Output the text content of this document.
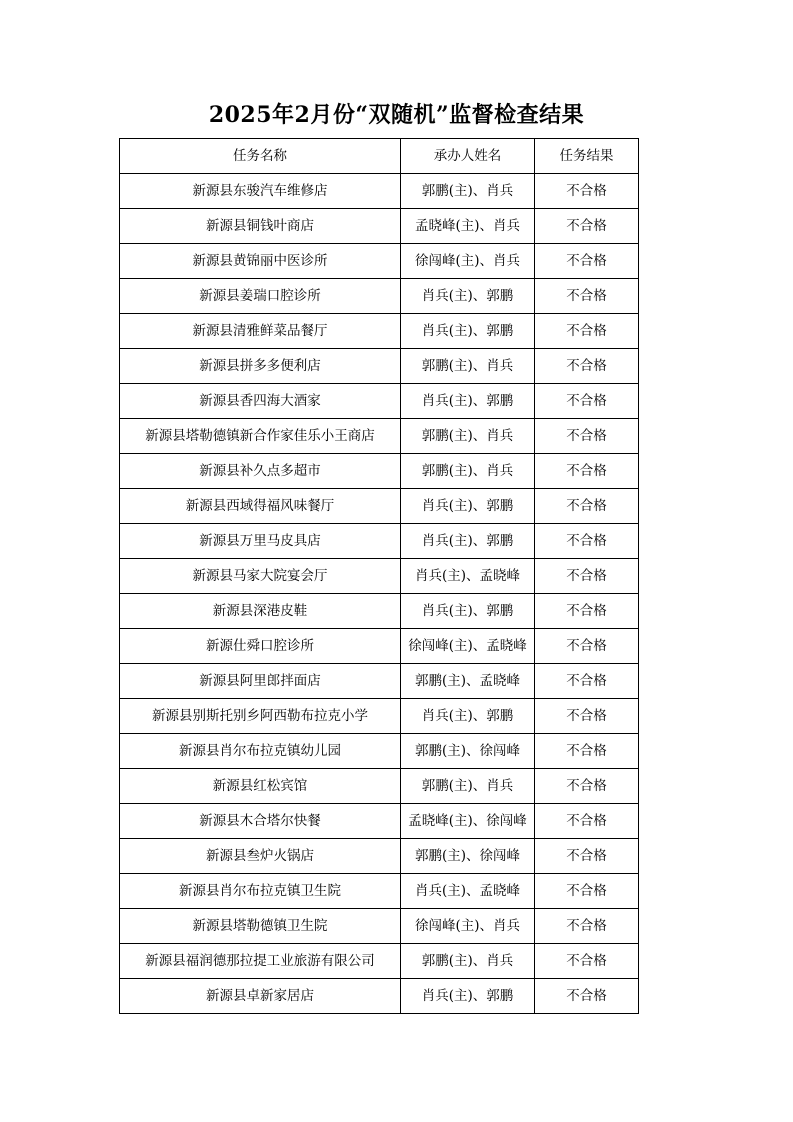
2025年2月份“双随机”监督检查结果
任务名称	承办人姓名	任务结果
新源县东骏汽车维修店	郭鹏(主)、肖兵	不合格
新源县铜钱叶商店	孟晓峰(主)、肖兵	不合格
新源县黄锦丽中医诊所	徐闯峰(主)、肖兵	不合格
新源县姜瑞口腔诊所	肖兵(主)、郭鹏	不合格
新源县清雅鲜菜品餐厅	肖兵(主)、郭鹏	不合格
新源县拼多多便利店	郭鹏(主)、肖兵	不合格
新源县香四海大酒家	肖兵(主)、郭鹏	不合格
新源县塔勒德镇新合作家佳乐小王商店	郭鹏(主)、肖兵	不合格
新源县补久点多超市	郭鹏(主)、肖兵	不合格
新源县西域得福风味餐厅	肖兵(主)、郭鹏	不合格
新源县万里马皮具店	肖兵(主)、郭鹏	不合格
新源县马家大院宴会厅	肖兵(主)、孟晓峰	不合格
新源县深港皮鞋	肖兵(主)、郭鹏	不合格
新源仕舜口腔诊所	徐闯峰(主)、孟晓峰	不合格
新源县阿里郎拌面店	郭鹏(主)、孟晓峰	不合格
新源县别斯托别乡阿西勒布拉克小学	肖兵(主)、郭鹏	不合格
新源县肖尔布拉克镇幼儿园	郭鹏(主)、徐闯峰	不合格
新源县红松宾馆	郭鹏(主)、肖兵	不合格
新源县木合塔尔快餐	孟晓峰(主)、徐闯峰	不合格
新源县叁炉火锅店	郭鹏(主)、徐闯峰	不合格
新源县肖尔布拉克镇卫生院	肖兵(主)、孟晓峰	不合格
新源县塔勒德镇卫生院	徐闯峰(主)、肖兵	不合格
新源县福润德那拉提工业旅游有限公司	郭鹏(主)、肖兵	不合格
新源县卓新家居店	肖兵(主)、郭鹏	不合格
